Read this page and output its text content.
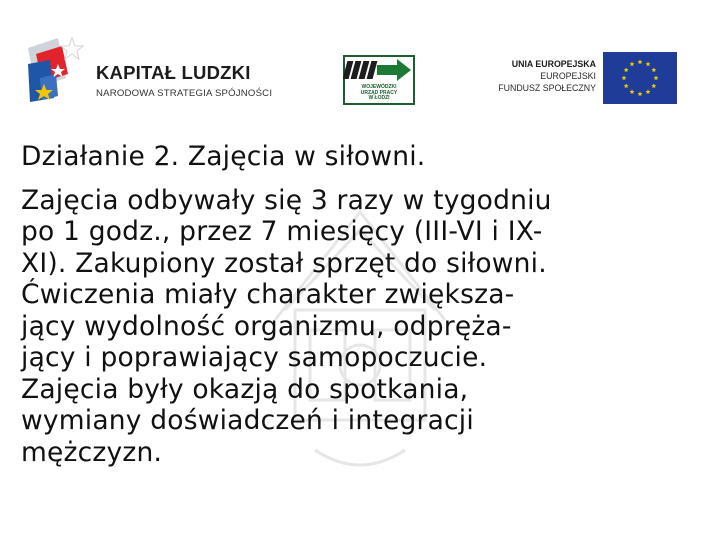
KAPITAŁ LUDZKI
NARODOWA STRATEGIA SPÓJNOŚCI
WOJEWÓDZKI
URZĄD PRACY
W ŁODZI
UNIA EUROPEJSKA
EUROPEJSKI
FUNDUSZ SPOŁECZNY
Działanie 2. Zajęcia w siłowni.
Zajęcia odbywały się 3 razy w tygodniu
po 1 godz., przez 7 miesięcy (III-VI i IX-
XI). Zakupiony został sprzęt do siłowni.
Ćwiczenia miały charakter zwiększa-
jący wydolność organizmu, odpręża-
jący i poprawiający samopoczucie.
Zajęcia były okazją do spotkania,
wymiany doświadczeń i integracji
mężczyzn.
